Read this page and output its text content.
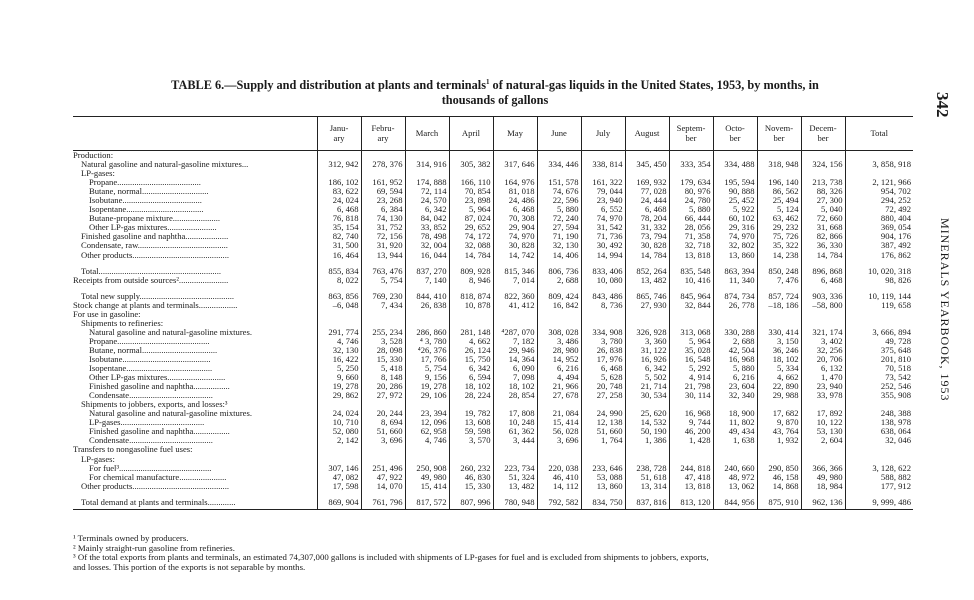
342
MINERALS YEARBOOK, 1953
TABLE 6.—Supply and distribution at plants and terminals$^1$ of natural-gas liquids in the United States, 1953, by months, in
thousands of gallons
	Janu-
ary	Febru-
ary	March	April	May	June	July	August	Septem-
ber	Octo-
ber	Novem-
ber	Decem-
ber	Total
Production:													
Natural gasoline and natural-gasoline mixtures...	312, 942	278, 376	314, 916	305, 382	317, 646	334, 446	338, 814	345, 450	333, 354	334, 488	318, 948	324, 156	3, 858, 918
LP-gases:													
Propane.......................................	186, 102	161, 952	174, 888	166, 110	164, 976	151, 578	161, 322	169, 932	179, 634	195, 594	196, 140	213, 738	2, 121, 966
Butane, normal...............................	83, 622	69, 594	72, 114	70, 854	81, 018	74, 676	79, 044	77, 028	80, 976	90, 888	86, 562	88, 326	954, 702
Isobutane.....................................	24, 024	23, 268	24, 570	23, 898	24, 486	22, 596	23, 940	24, 444	24, 780	25, 452	25, 494	27, 300	294, 252
Isopentane....................................	6, 468	6, 384	6, 342	5, 964	6, 468	5, 880	6, 552	6, 468	5, 880	5, 922	5, 124	5, 040	72, 492
Butane-propane mixture......................	76, 818	74, 130	84, 042	87, 024	70, 308	72, 240	74, 970	78, 204	66, 444	60, 102	63, 462	72, 660	880, 404
Other LP-gas mixtures.......................	35, 154	31, 752	33, 852	29, 652	29, 904	27, 594	31, 542	31, 332	28, 056	29, 316	29, 232	31, 668	369, 054
Finished gasoline and naphtha....................	82, 740	72, 156	78, 498	74, 172	74, 970	71, 190	71, 736	73, 794	71, 358	74, 970	75, 726	82, 866	904, 176
Condensate, raw..........................................	31, 500	31, 920	32, 004	32, 088	30, 828	32, 130	30, 492	30, 828	32, 718	32, 802	35, 322	36, 330	387, 492
Other products.............................................	16, 464	13, 944	16, 044	14, 784	14, 742	14, 406	14, 994	14, 784	13, 818	13, 860	14, 238	14, 784	176, 862

Total.........................................................	855, 834	763, 476	837, 270	809, 928	815, 346	806, 736	833, 406	852, 264	835, 548	863, 394	850, 248	896, 868	10, 020, 318
Receipts from outside sources².......................	8, 022	5, 754	7, 140	8, 946	7, 014	2, 688	10, 080	13, 482	10, 416	11, 340	7, 476	6, 468	98, 826

Total new supply............................................	863, 856	769, 230	844, 410	818, 874	822, 360	809, 424	843, 486	865, 746	845, 964	874, 734	857, 724	903, 336	10, 119, 144
Stock change at plants and terminals..................	–6, 048	7, 434	26, 838	10, 878	41, 412	16, 842	8, 736	27, 930	32, 844	26, 778	–18, 186	–58, 800	119, 658
For use in gasoline:													
Shipments to refineries:													
Natural gasoline and natural-gasoline mixtures.	291, 774	255, 234	286, 860	281, 148	⁴287, 070	308, 028	334, 908	326, 928	313, 068	330, 288	330, 414	321, 174	3, 666, 894
Propane...........................................	4, 746	3, 528	⁴ 3, 780	4, 662	7, 182	3, 486	3, 780	3, 360	5, 964	2, 688	3, 150	3, 402	49, 728
Butane, normal...................................	32, 130	28, 098	⁴26, 376	26, 124	29, 946	28, 980	26, 838	31, 122	35, 028	42, 504	36, 246	32, 256	375, 648
Isobutane.........................................	16, 422	15, 330	17, 766	15, 750	14, 364	14, 952	17, 976	16, 926	16, 548	16, 968	18, 102	20, 706	201, 810
Isopentane........................................	5, 250	5, 418	5, 754	6, 342	6, 090	6, 216	6, 468	6, 342	5, 292	5, 880	5, 334	6, 132	70, 518
Other LP-gas mixtures...........................	9, 660	8, 148	9, 156	6, 594	7, 098	4, 494	5, 628	5, 502	4, 914	6, 216	4, 662	1, 470	73, 542
Finished gasoline and naphtha.................	19, 278	20, 286	19, 278	18, 102	18, 102	21, 966	20, 748	21, 714	21, 798	23, 604	22, 890	23, 940	252, 546
Condensate.......................................	29, 862	27, 972	29, 106	28, 224	28, 854	27, 678	27, 258	30, 534	30, 114	32, 340	29, 988	33, 978	355, 908
Shipments to jobbers, exports, and losses:³													
Natural gasoline and natural-gasoline mixtures.	24, 024	20, 244	23, 394	19, 782	17, 808	21, 084	24, 990	25, 620	16, 968	18, 900	17, 682	17, 892	248, 388
LP-gases.......................................	10, 710	8, 694	12, 096	13, 608	10, 248	15, 414	12, 138	14, 532	9, 744	11, 802	9, 870	10, 122	138, 978
Finished gasoline and naphtha.................	52, 080	51, 660	62, 958	59, 598	61, 362	56, 028	51, 660	50, 190	46, 200	49, 434	43, 764	53, 130	638, 064
Condensate.......................................	2, 142	3, 696	4, 746	3, 570	3, 444	3, 696	1, 764	1, 386	1, 428	1, 638	1, 932	2, 604	32, 046
Transfers to nongasoline fuel uses:													
LP-gases:													
For fuel³...........................................	307, 146	251, 496	250, 908	260, 232	223, 734	220, 038	233, 646	238, 728	244, 818	240, 660	290, 850	366, 366	3, 128, 622
For chemical manufacture......................	47, 082	47, 922	49, 980	46, 830	51, 324	46, 410	53, 088	51, 618	47, 418	48, 972	46, 158	49, 980	588, 882
Other products.............................................	17, 598	14, 070	15, 414	15, 330	13, 482	14, 112	13, 860	13, 314	13, 818	13, 062	14, 868	18, 984	177, 912

Total demand at plants and terminals.............	869, 904	761, 796	817, 572	807, 996	780, 948	792, 582	834, 750	837, 816	813, 120	844, 956	875, 910	962, 136	9, 999, 486

¹ Terminals owned by producers.

² Mainly straight-run gasoline from refineries.

³ Of the total exports from plants and terminals, an estimated 74,307,000 gallons is included with shipments of LP-gases for fuel and is excluded from shipments to jobbers, exports,

and losses. This portion of the exports is not separable by months.
